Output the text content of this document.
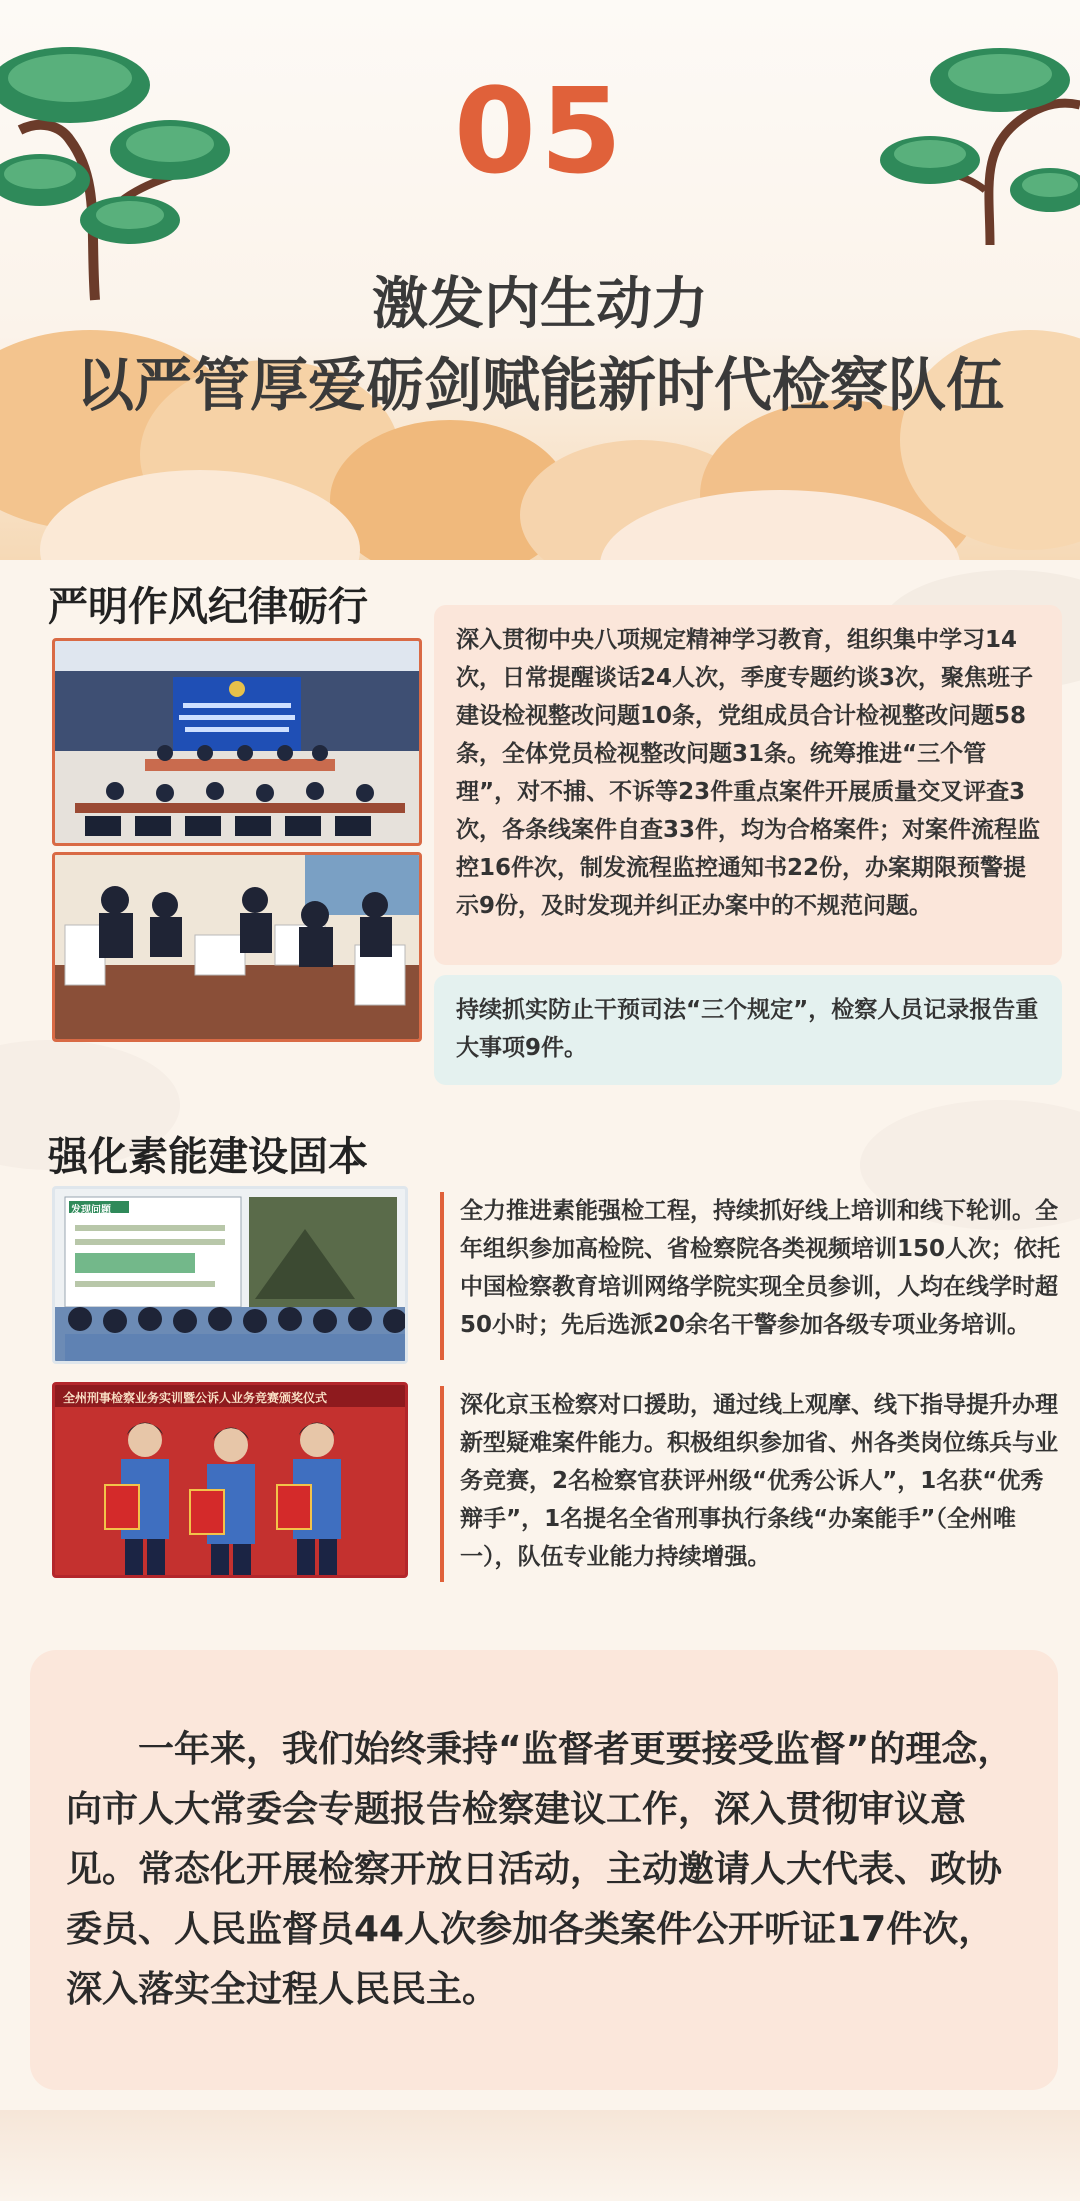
05
激发内生动力
以严管厚爱砺剑赋能新时代检察队伍
严明作风纪律砺行
深入贯彻中央八项规定精神学习教育，组织集中学习14次，日常提醒谈话24人次，季度专题约谈3次，聚焦班子建设检视整改问题10条，党组成员合计检视整改问题58条，全体党员检视整改问题31条。统筹推进“三个管理”，对不捕、不诉等23件重点案件开展质量交叉评查3次，各条线案件自查33件，均为合格案件；对案件流程监控16件次，制发流程监控通知书22份，办案期限预警提示9份，及时发现并纠正办案中的不规范问题。
持续抓实防止干预司法“三个规定”，检察人员记录报告重大事项9件。
强化素能建设固本
发现问题
全州刑事检察业务实训暨公诉人业务竞赛颁奖仪式
全力推进素能强检工程，持续抓好线上培训和线下轮训。全年组织参加高检院、省检察院各类视频培训150人次；依托中国检察教育培训网络学院实现全员参训，人均在线学时超50小时；先后选派20余名干警参加各级专项业务培训。
深化京玉检察对口援助，通过线上观摩、线下指导提升办理新型疑难案件能力。积极组织参加省、州各类岗位练兵与业务竞赛，2名检察官获评州级“优秀公诉人”，1名获“优秀辩手”，1名提名全省刑事执行条线“办案能手”（全州唯一），队伍专业能力持续增强。
一年来，我们始终秉持“监督者更要接受监督”的理念，向市人大常委会专题报告检察建议工作，深入贯彻审议意见。常态化开展检察开放日活动，主动邀请人大代表、政协委员、人民监督员44人次参加各类案件公开听证17件次，深入落实全过程人民民主。
